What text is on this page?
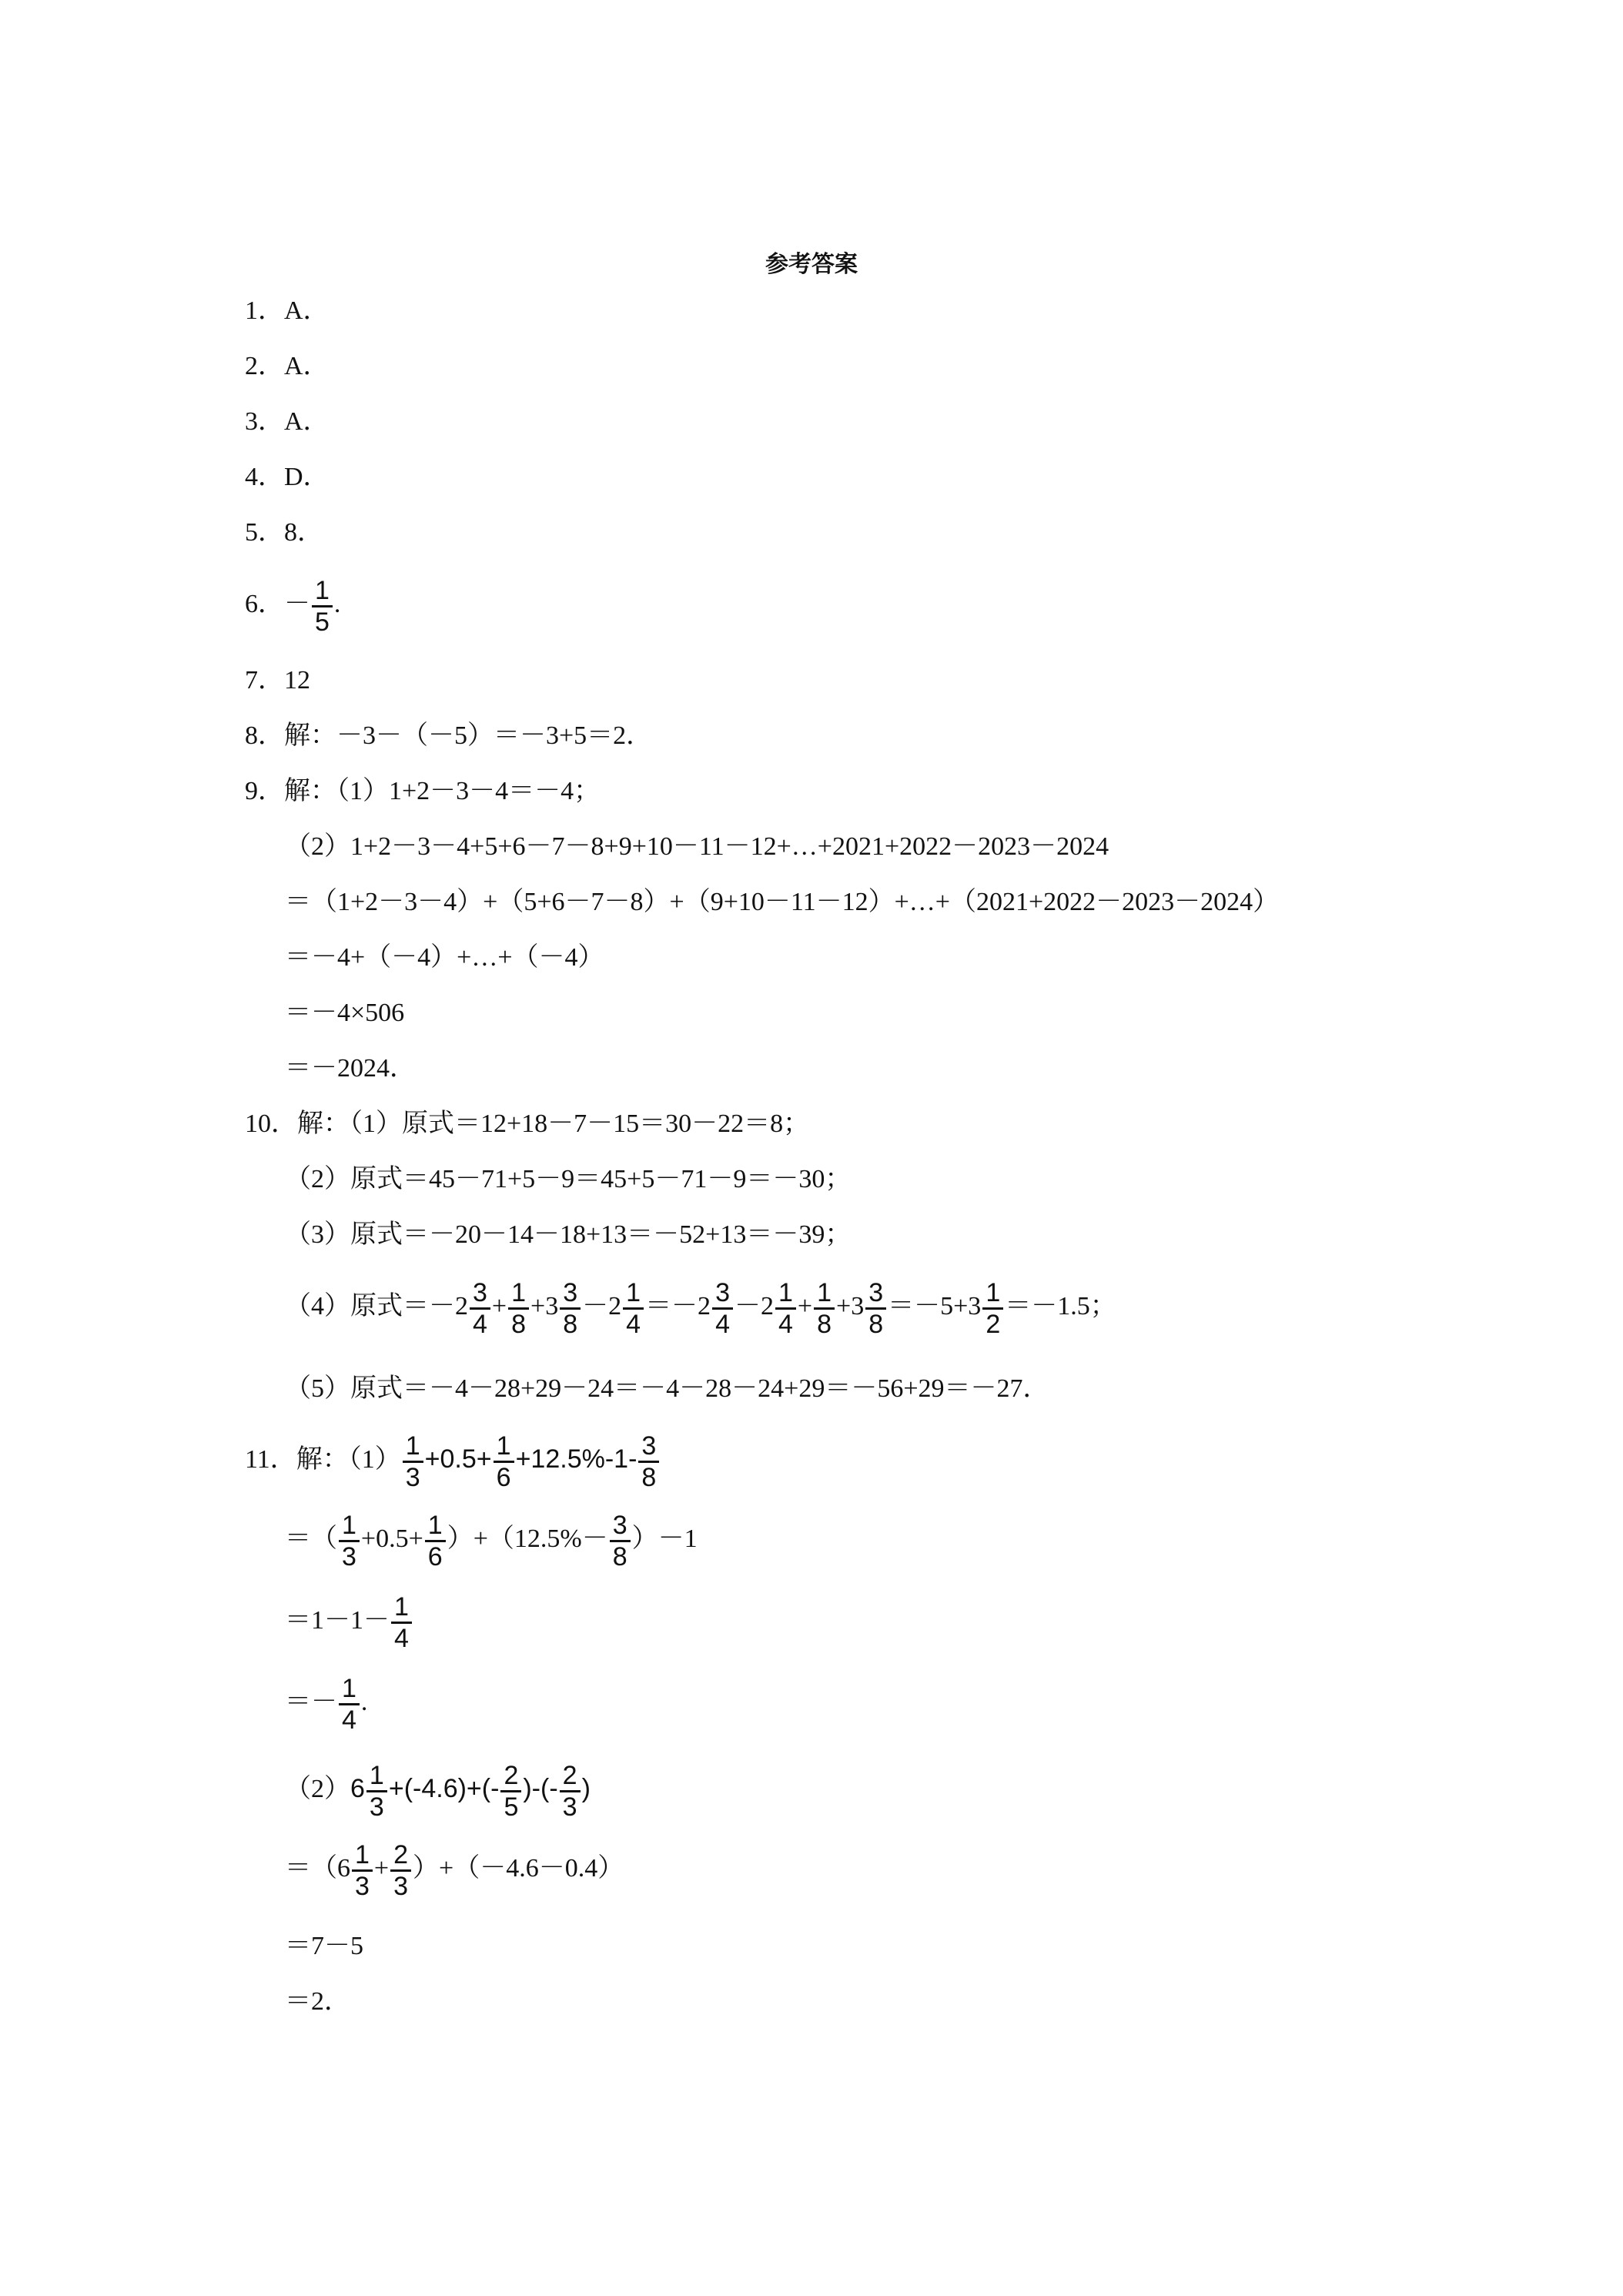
参考答案
1．A．
2．A．
3．A．
4．D．
5．8．
6．－ $\frac{1}{5}$ .
7．12
8．解：－3－（－5）＝－3+5＝2．
9．解：（1）1+2－3－4＝－4；
（2）1+2－3－4+5+6－7－8+9+10－11－12+…+2021+2022－2023－2024
＝（1+2－3－4）+（5+6－7－8）+（9+10－11－12）+…+（2021+2022－2023－2024）
＝－4+（－4）+…+（－4）
＝－4×506
＝－2024．
10．解：（1）原式＝12+18－7－15＝30－22＝8；
（2）原式＝45－71+5－9＝45+5－71－9＝－30；
（3）原式＝－20－14－18+13＝－52+13＝－39；
（4）原式$=-2 \frac{3}{4} + \frac{1}{8} +3 \frac{3}{8} -2 \frac{1}{4} =-2 \frac{3}{4} -2 \frac{1}{4} + \frac{1}{8} +3 \frac{3}{8} =-5+3 \frac{1}{2} =-1.5$；
（5）原式＝－4－28+29－24＝－4－28－24+29＝－56+29＝－27．
11．解：$(1) \frac{1}{3} +0.5+ \frac{1}{6} +12.5\%-1- \frac{3}{8}$
＝（ $\frac{1}{3} +0.5+ \frac{1}{6} )+(12.5\%- \frac{3}{8} )-1$
$=1-1- \frac{1}{4}$
＝－ $\frac{1}{4}$ .
$(2)6 \frac{1}{3} +(-4.6)+(- \frac{2}{5}$ )-(- $\frac{2}{3}$ )
$=(6 \frac{1}{3} + \frac{2}{3} )+(-4.6-0.4)$
＝7－5
＝2．
